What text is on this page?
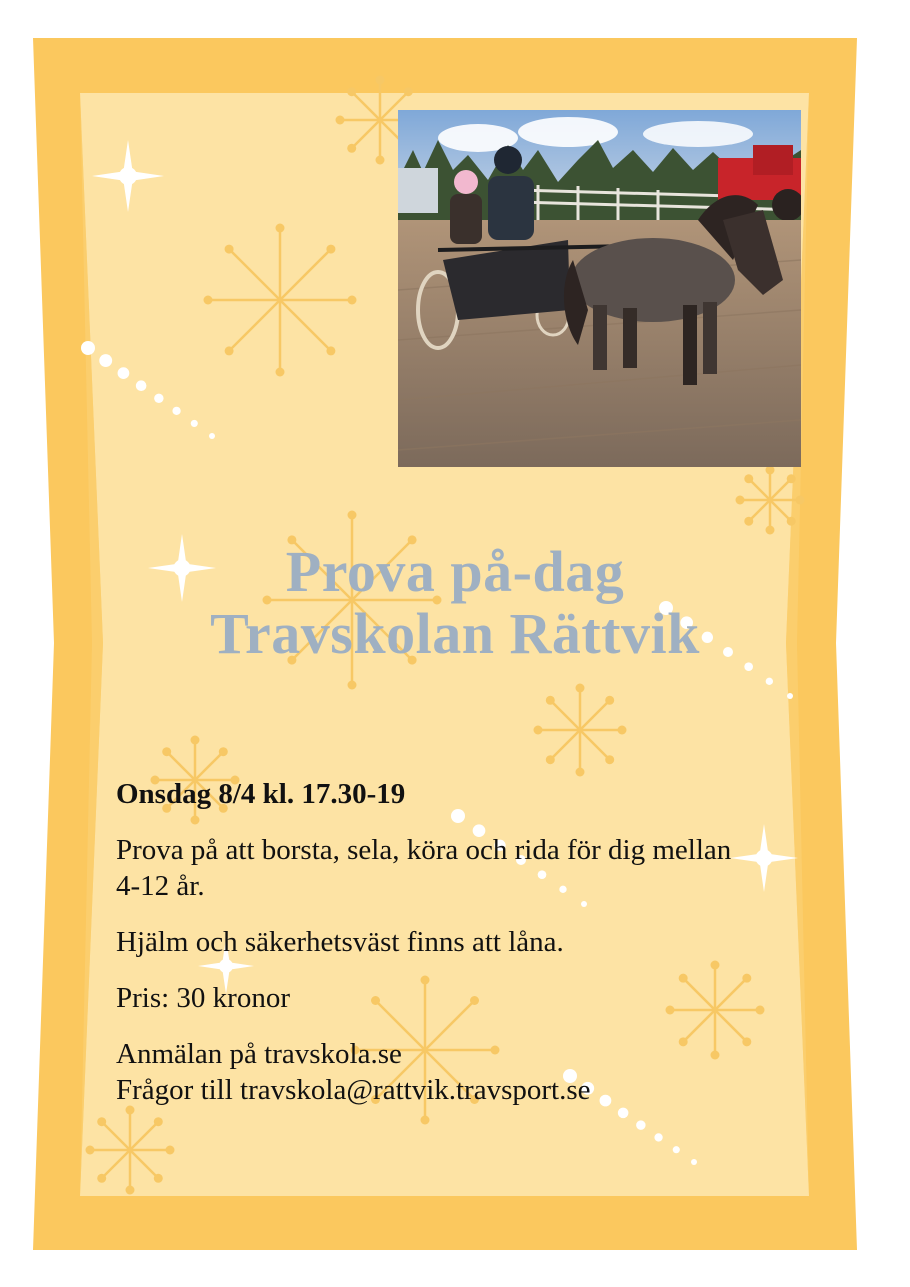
Prova på-dag
Travskolan Rättvik
Onsdag 8/4 kl. 17.30-19
Prova på att borsta, sela, köra och rida för dig mellan 4-12 år.
Hjälm och säkerhetsväst finns att låna.
Pris: 30 kronor
Anmälan på travskola.se
Frågor till travskola@rattvik.travsport.se
